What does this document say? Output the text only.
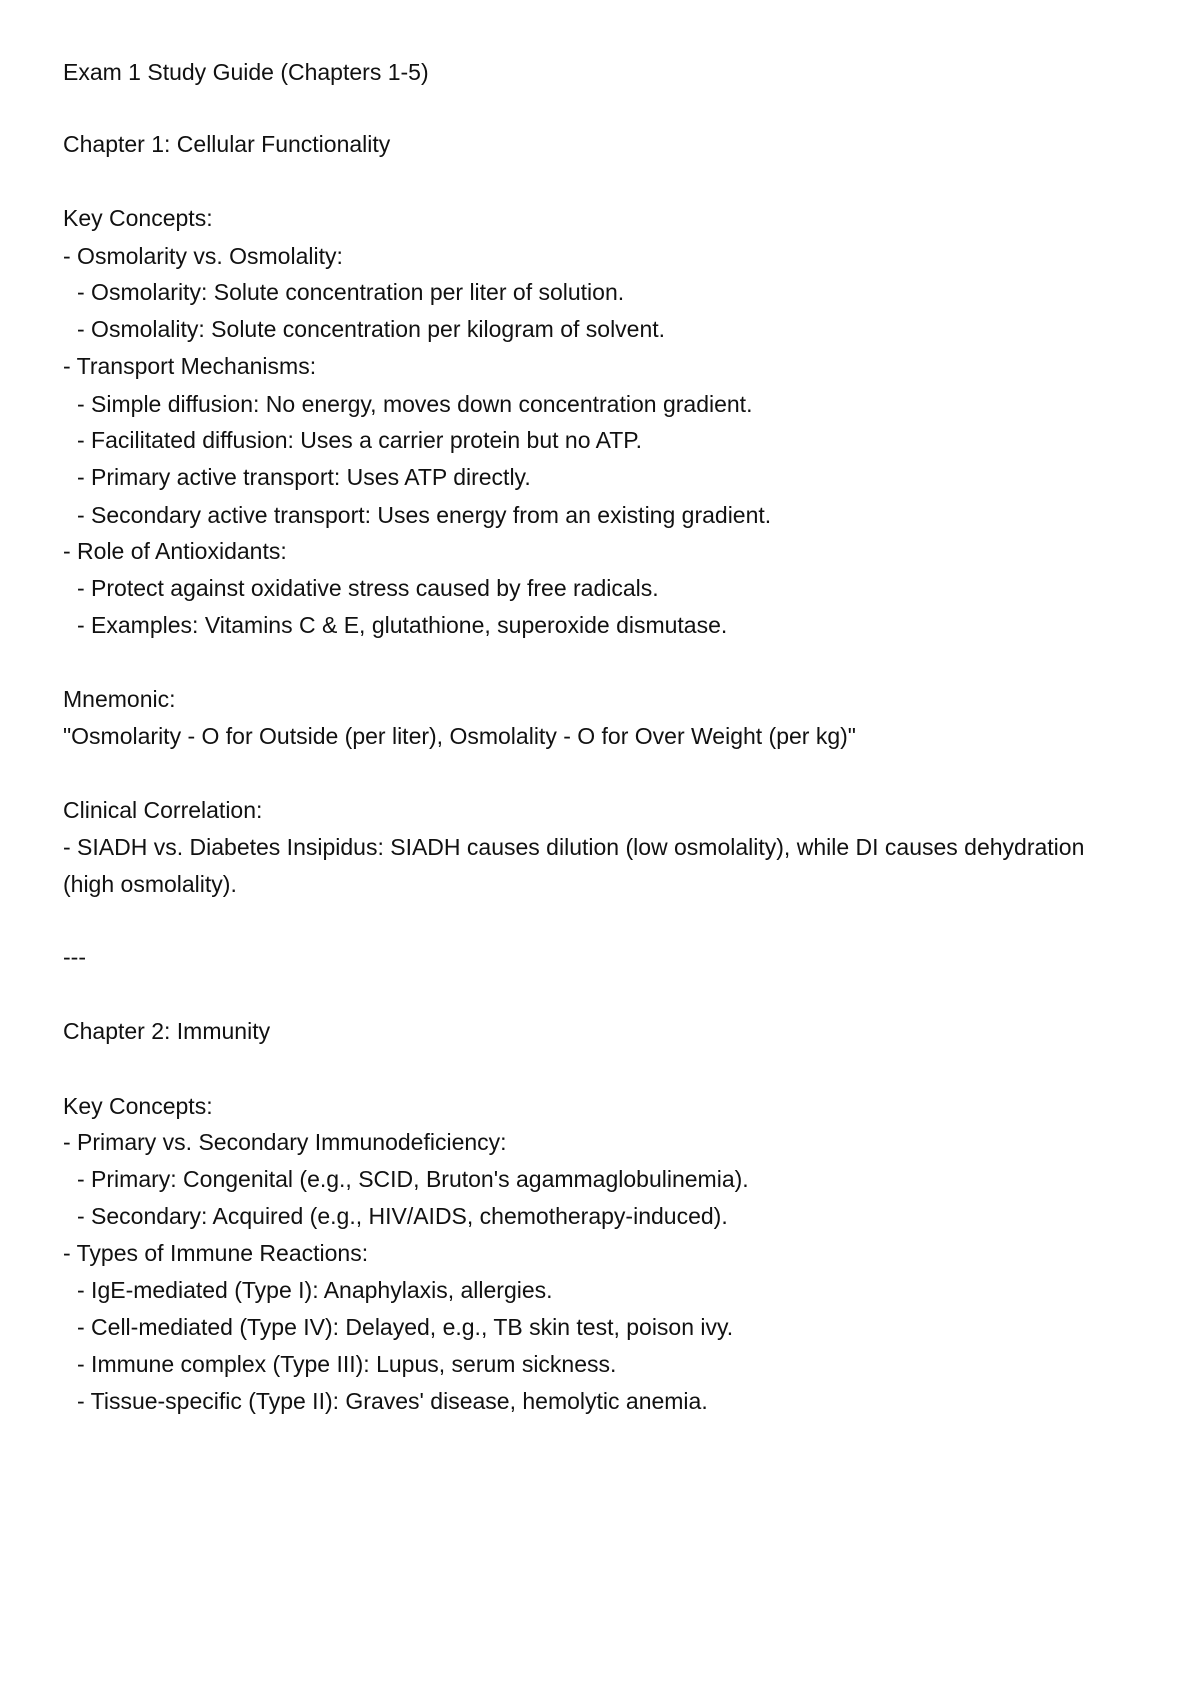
Exam 1 Study Guide (Chapters 1-5)
Chapter 1: Cellular Functionality
Key Concepts:
- Osmolarity vs. Osmolality:
- Osmolarity: Solute concentration per liter of solution.
- Osmolality: Solute concentration per kilogram of solvent.
- Transport Mechanisms:
- Simple diffusion: No energy, moves down concentration gradient.
- Facilitated diffusion: Uses a carrier protein but no ATP.
- Primary active transport: Uses ATP directly.
- Secondary active transport: Uses energy from an existing gradient.
- Role of Antioxidants:
- Protect against oxidative stress caused by free radicals.
- Examples: Vitamins C & E, glutathione, superoxide dismutase.
Mnemonic:
"Osmolarity - O for Outside (per liter), Osmolality - O for Over Weight (per kg)"
Clinical Correlation:
- SIADH vs. Diabetes Insipidus: SIADH causes dilution (low osmolality), while DI causes dehydration
(high osmolality).
---
Chapter 2: Immunity
Key Concepts:
- Primary vs. Secondary Immunodeficiency:
- Primary: Congenital (e.g., SCID, Bruton's agammaglobulinemia).
- Secondary: Acquired (e.g., HIV/AIDS, chemotherapy-induced).
- Types of Immune Reactions:
- IgE-mediated (Type I): Anaphylaxis, allergies.
- Cell-mediated (Type IV): Delayed, e.g., TB skin test, poison ivy.
- Immune complex (Type III): Lupus, serum sickness.
- Tissue-specific (Type II): Graves' disease, hemolytic anemia.
